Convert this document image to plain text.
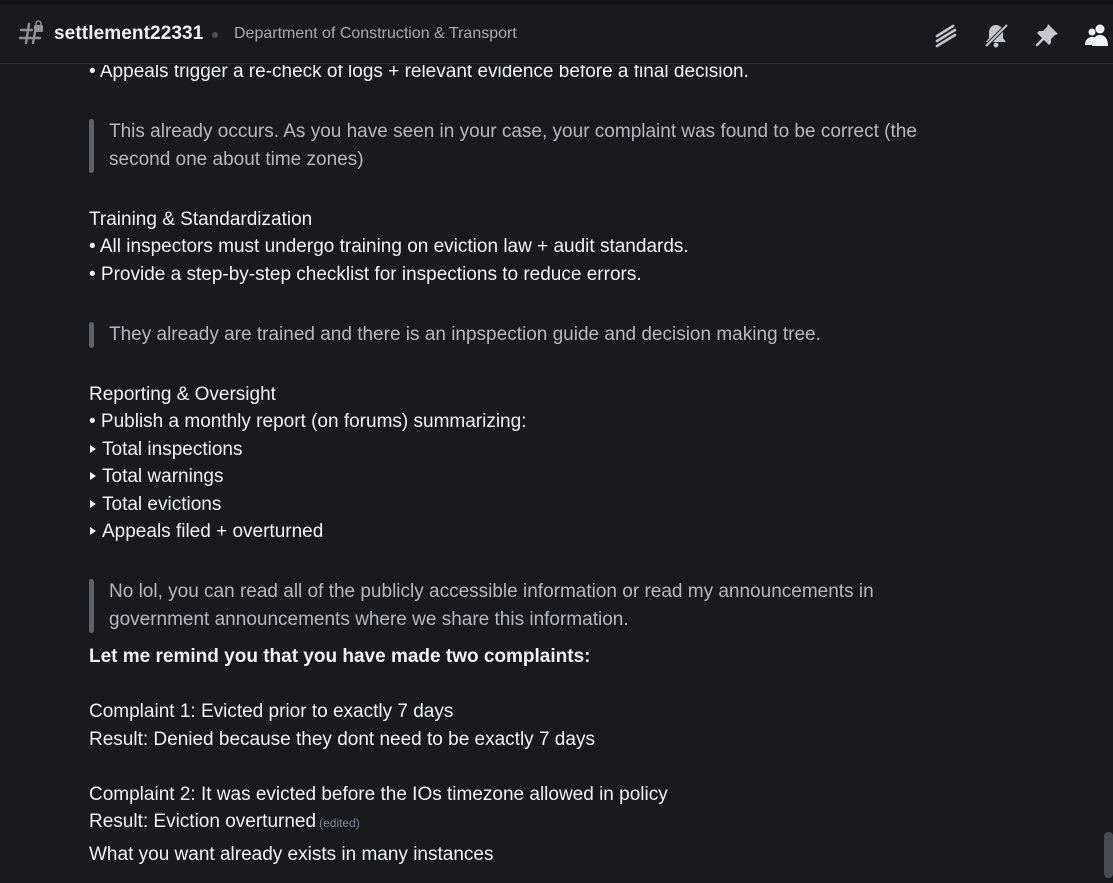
settlement22331 Department of Construction & Transport
• Appeals trigger a re-check of logs + relevant evidence before a final decision.
This already occurs. As you have seen in your case, your complaint was found to be correct (the
second one about time zones)
Training & Standardization
• All inspectors must undergo training on eviction law + audit standards.
• Provide a step-by-step checklist for inspections to reduce errors.
They already are trained and there is an inpspection guide and decision making tree.
Reporting & Oversight
• Publish a monthly report (on forums) summarizing:
Total inspections
Total warnings
Total evictions
Appeals filed + overturned
No lol, you can read all of the publicly accessible information or read my announcements in
government announcements where we share this information.
Let me remind you that you have made two complaints:
Complaint 1: Evicted prior to exactly 7 days
Result: Denied because they dont need to be exactly 7 days
Complaint 2: It was evicted before the IOs timezone allowed in policy
Result: Eviction overturned (edited)
What you want already exists in many instances
